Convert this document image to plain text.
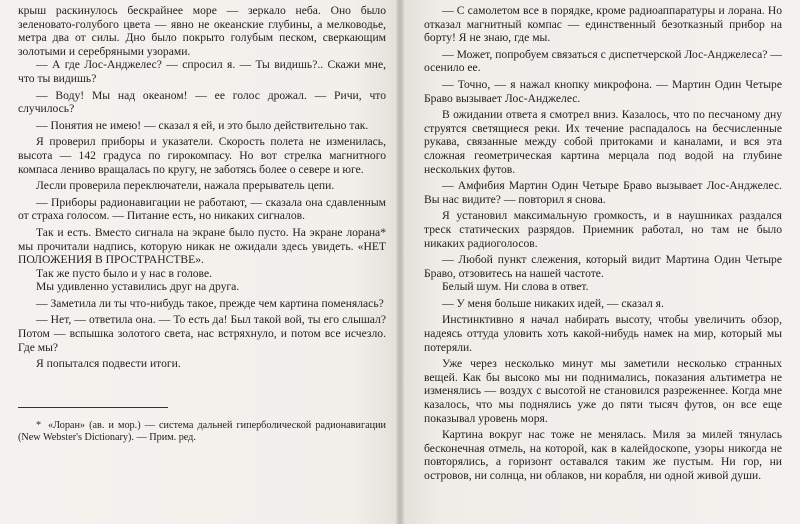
крыш раскинулось бескрайнее море — зеркало неба. Оно было зеленовато-голубого цвета — явно не океанские глубины, а мелководье, метра два от силы. Дно было покрыто голубым песком, сверкающим золотыми и серебряными узорами.

— А где Лос-Анджелес? — спросил я. — Ты видишь?.. Скажи мне, что ты видишь?

— Воду! Мы над океаном! — ее голос дрожал. — Ричи, что случилось?

— Понятия не имею! — сказал я ей, и это было действительно так.

Я проверил приборы и указатели. Скорость полета не изменилась, высота — 142 градуса по гирокомпасу. Но вот стрелка магнитного компаса лениво вращалась по кругу, не заботясь более о севере и юге.

Лесли проверила переключатели, нажала прерыватель цепи.

— Приборы радионавигации не работают, — сказала она сдавленным от страха голосом. — Питание есть, но никаких сигналов.

Так и есть. Вместо сигнала на экране было пусто. На экране лорана* мы прочитали надпись, которую никак не ожидали здесь увидеть. «НЕТ ПОЛОЖЕНИЯ В ПРОСТРАНСТВЕ».

Так же пусто было и у нас в голове.

Мы удивленно уставились друг на друга.

— Заметила ли ты что-нибудь такое, прежде чем картина поменялась?

— Нет, — ответила она. — То есть да! Был такой вой, ты его слышал? Потом — вспышка золотого света, нас встряхнуло, и потом все исчезло. Где мы?

Я попытался подвести итоги.

* «Лоран» (ав. и мор.) — система дальней гиперболической радионавигации (New Webster's Dictionary). — Прим. ред.

— С самолетом все в порядке, кроме радиоаппаратуры и лорана. Но отказал магнитный компас — единственный безотказный прибор на борту! Я не знаю, где мы.

— Может, попробуем связаться с диспетчерской Лос-Анджелеса? — осенило ее.

— Точно, — я нажал кнопку микрофона. — Мартин Один Четыре Браво вызывает Лос-Анджелес.

В ожидании ответа я смотрел вниз. Казалось, что по песчаному дну струятся светящиеся реки. Их течение распадалось на бесчисленные рукава, связанные между собой притоками и каналами, и вся эта сложная геометрическая картина мерцала под водой на глубине нескольких футов.

— Амфибия Мартин Один Четыре Браво вызывает Лос-Анджелес. Вы нас видите? — повторил я снова.

Я установил максимальную громкость, и в наушниках раздался треск статических разрядов. Приемник работал, но там не было никаких радиоголосов.

— Любой пункт слежения, который видит Мартина Один Четыре Браво, отзовитесь на нашей частоте.

Белый шум. Ни слова в ответ.

— У меня больше никаких идей, — сказал я.

Инстинктивно я начал набирать высоту, чтобы увеличить обзор, надеясь оттуда уловить хоть какой-нибудь намек на мир, который мы потеряли.

Уже через несколько минут мы заметили несколько странных вещей. Как бы высоко мы ни поднимались, показания альтиметра не изменялись — воздух с высотой не становился разреженнее. Когда мне казалось, что мы поднялись уже до пяти тысяч футов, он все еще показывал уровень моря.

Картина вокруг нас тоже не менялась. Миля за милей тянулась бесконечная отмель, на которой, как в калейдоскопе, узоры никогда не повторялись, а горизонт оставался таким же пустым. Ни гор, ни островов, ни солнца, ни облаков, ни корабля, ни одной живой души.
